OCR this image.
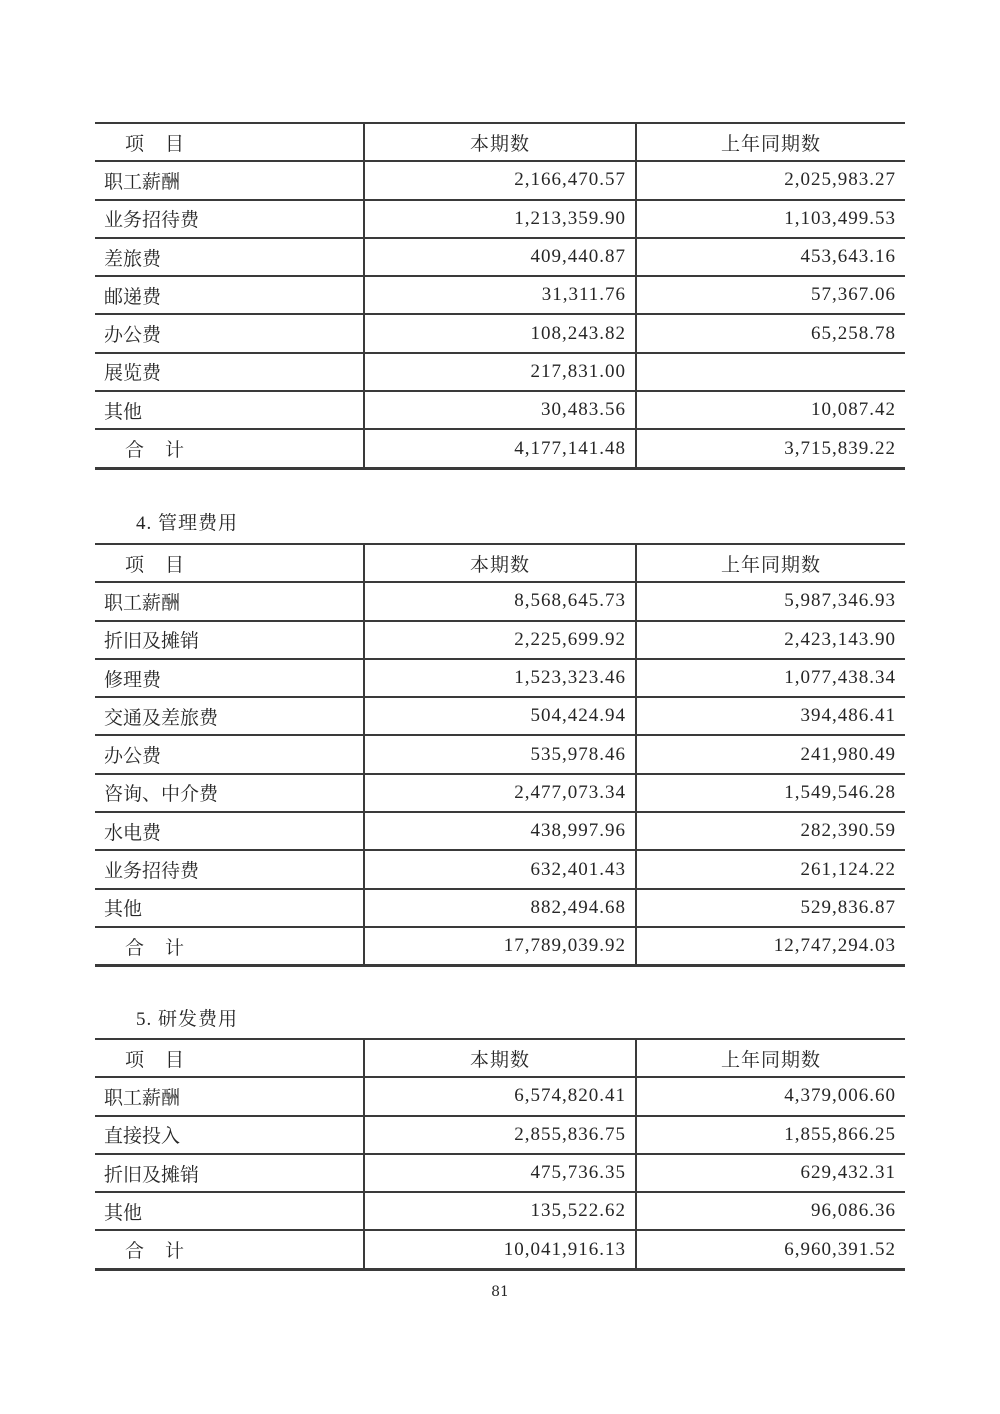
项　目	本期数	上年同期数
职工薪酬	2,166,470.57	2,025,983.27
业务招待费	1,213,359.90	1,103,499.53
差旅费	409,440.87	453,643.16
邮递费	31,311.76	57,367.06
办公费	108,243.82	65,258.78
展览费	217,831.00	
其他	30,483.56	10,087.42
合　计	4,177,141.48	3,715,839.22
4. 管理费用
项　目	本期数	上年同期数
职工薪酬	8,568,645.73	5,987,346.93
折旧及摊销	2,225,699.92	2,423,143.90
修理费	1,523,323.46	1,077,438.34
交通及差旅费	504,424.94	394,486.41
办公费	535,978.46	241,980.49
咨询、中介费	2,477,073.34	1,549,546.28
水电费	438,997.96	282,390.59
业务招待费	632,401.43	261,124.22
其他	882,494.68	529,836.87
合　计	17,789,039.92	12,747,294.03
5. 研发费用
项　目	本期数	上年同期数
职工薪酬	6,574,820.41	4,379,006.60
直接投入	2,855,836.75	1,855,866.25
折旧及摊销	475,736.35	629,432.31
其他	135,522.62	96,086.36
合　计	10,041,916.13	6,960,391.52
81
